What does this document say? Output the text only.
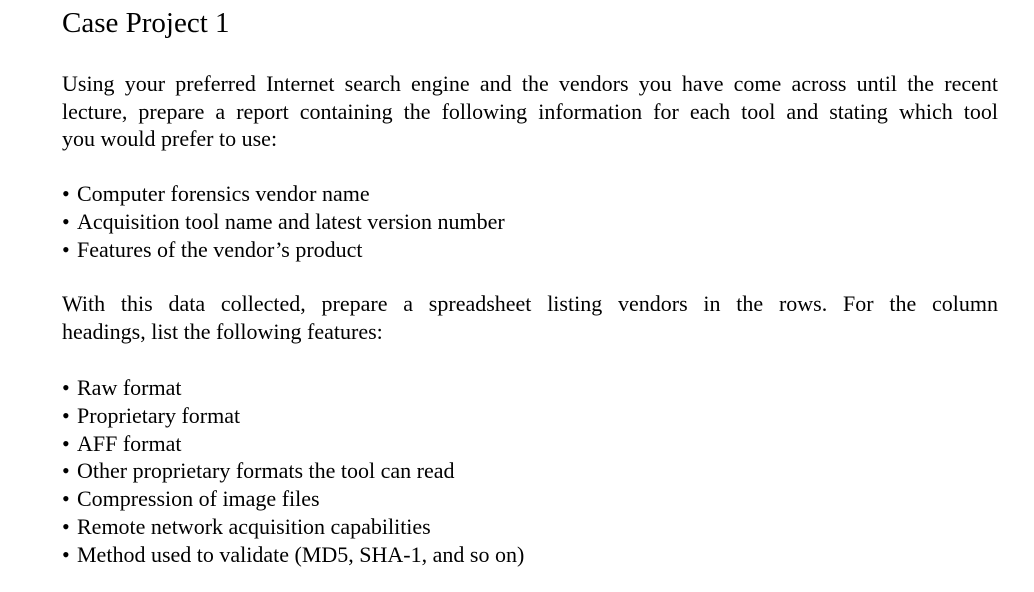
Case Project 1
Using your preferred Internet search engine and the vendors you have come across until the recent
lecture, prepare a report containing the following information for each tool and stating which tool
you would prefer to use:
• Computer forensics vendor name
• Acquisition tool name and latest version number
• Features of the vendor’s product
With this data collected, prepare a spreadsheet listing vendors in the rows. For the column
headings, list the following features:
• Raw format
• Proprietary format
• AFF format
• Other proprietary formats the tool can read
• Compression of image files
• Remote network acquisition capabilities
• Method used to validate (MD5, SHA-1, and so on)
